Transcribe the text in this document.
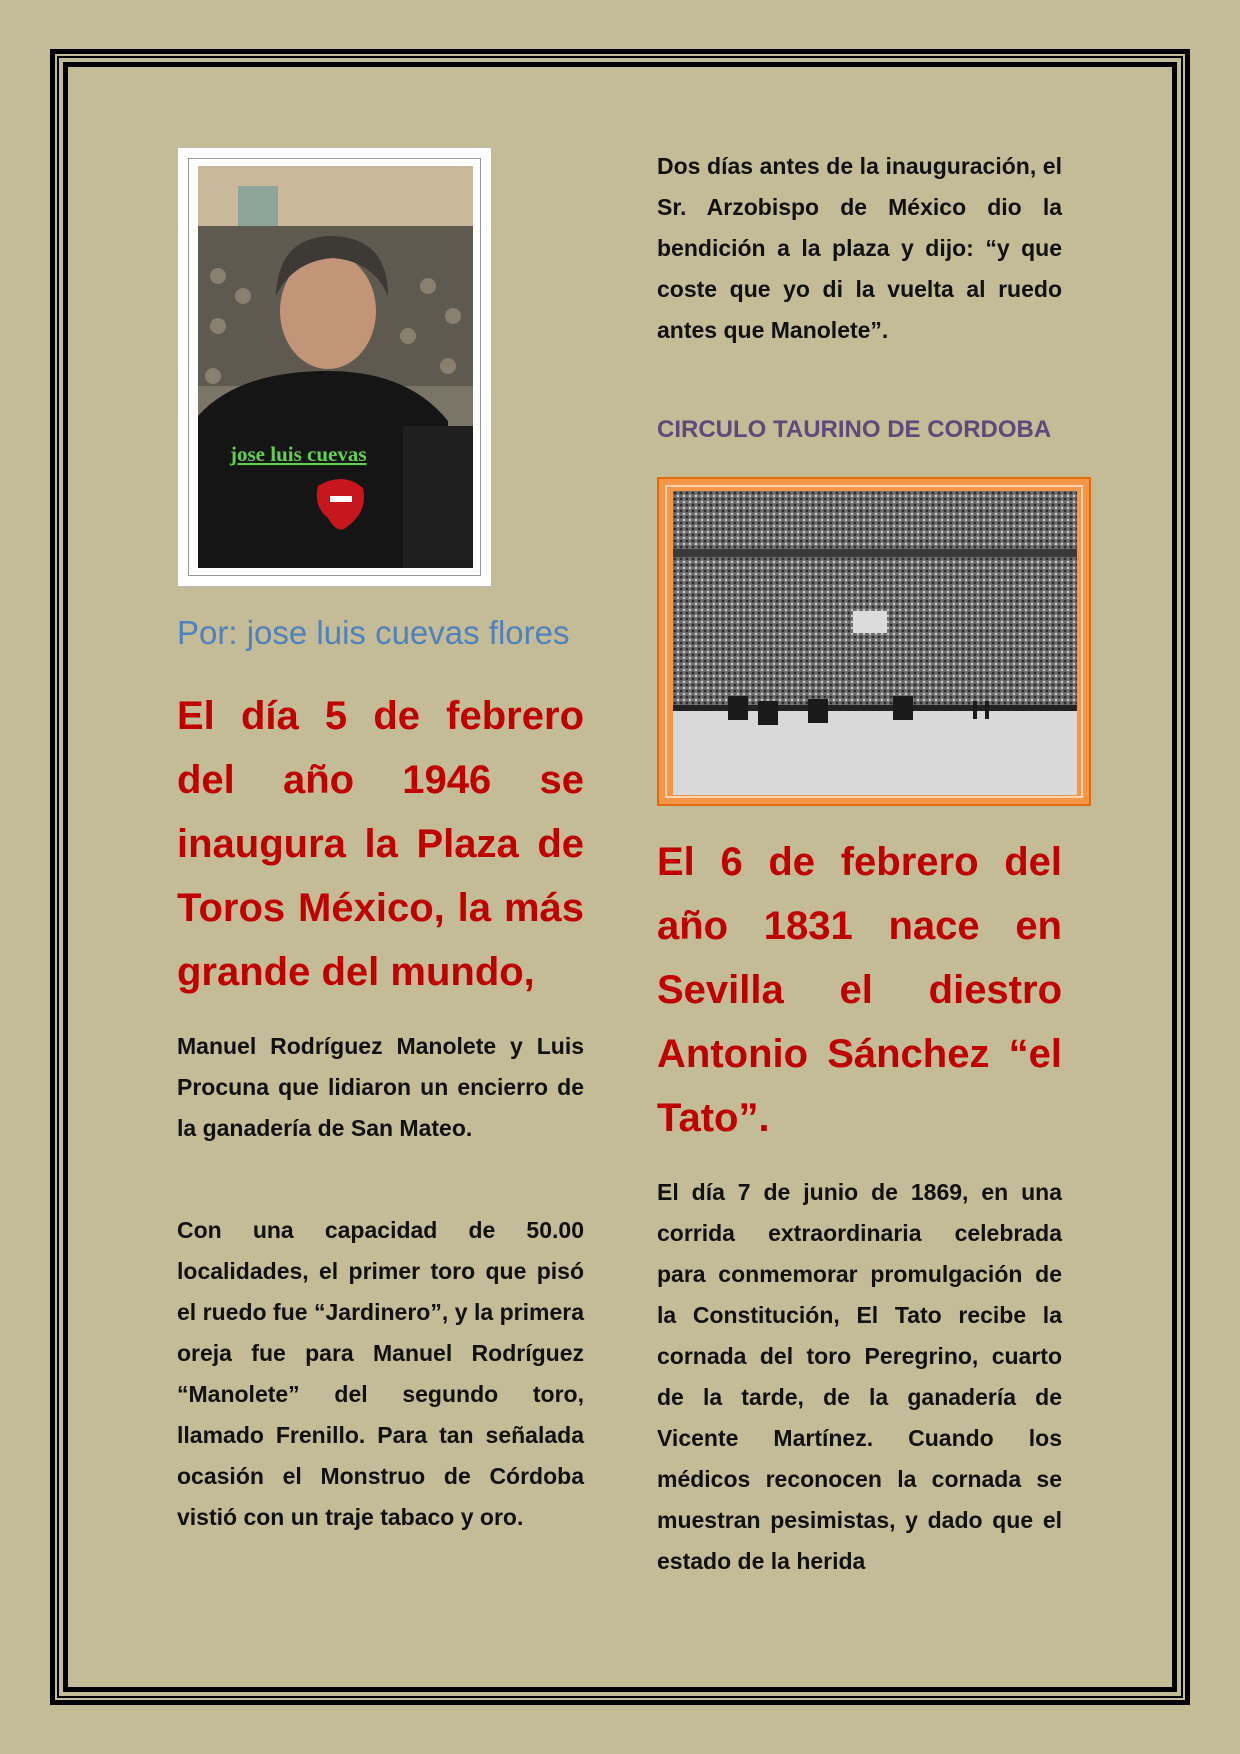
jose luis cuevas
Por: jose luis cuevas flores

El día 5 de febrero del año 1946 se inaugura la Plaza de Toros México, la más grande del mundo,

Manuel Rodríguez Manolete y Luis Procuna que lidiaron un encierro de la ganadería de San Mateo.

Con una capacidad de 50.00 localidades, el primer toro que pisó el ruedo fue “Jardinero”, y la primera oreja fue para Manuel Rodríguez “Manolete” del segundo toro, llamado Frenillo. Para tan señalada ocasión el Monstruo de Córdoba vistió con un traje tabaco y oro.

Dos días antes de la inauguración, el Sr. Arzobispo de México dio la bendición a la plaza y dijo: “y que coste que yo di la vuelta al ruedo antes que Manolete”.

CIRCULO TAURINO DE CORDOBA

El 6 de febrero del año 1831 nace en Sevilla el diestro Antonio Sánchez “el Tato”.

El día 7 de junio de 1869, en una corrida extraordinaria celebrada para conmemorar promulgación de la Constitución, El Tato recibe la cornada del toro Peregrino, cuarto de la tarde, de la ganadería de Vicente Martínez. Cuando los médicos reconocen la cornada se muestran pesimistas, y dado que el estado de la herida
